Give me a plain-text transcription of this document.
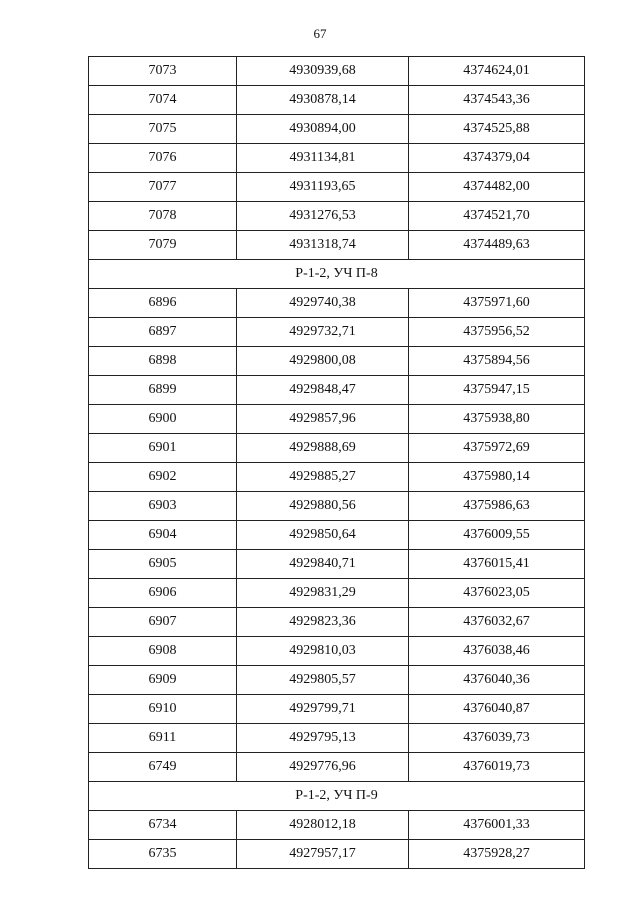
67
7073	4930939,68	4374624,01
7074	4930878,14	4374543,36
7075	4930894,00	4374525,88
7076	4931134,81	4374379,04
7077	4931193,65	4374482,00
7078	4931276,53	4374521,70
7079	4931318,74	4374489,63
Р-1-2, УЧ П-8		
6896	4929740,38	4375971,60
6897	4929732,71	4375956,52
6898	4929800,08	4375894,56
6899	4929848,47	4375947,15
6900	4929857,96	4375938,80
6901	4929888,69	4375972,69
6902	4929885,27	4375980,14
6903	4929880,56	4375986,63
6904	4929850,64	4376009,55
6905	4929840,71	4376015,41
6906	4929831,29	4376023,05
6907	4929823,36	4376032,67
6908	4929810,03	4376038,46
6909	4929805,57	4376040,36
6910	4929799,71	4376040,87
6911	4929795,13	4376039,73
6749	4929776,96	4376019,73
Р-1-2, УЧ П-9		
6734	4928012,18	4376001,33
6735	4927957,17	4375928,27
